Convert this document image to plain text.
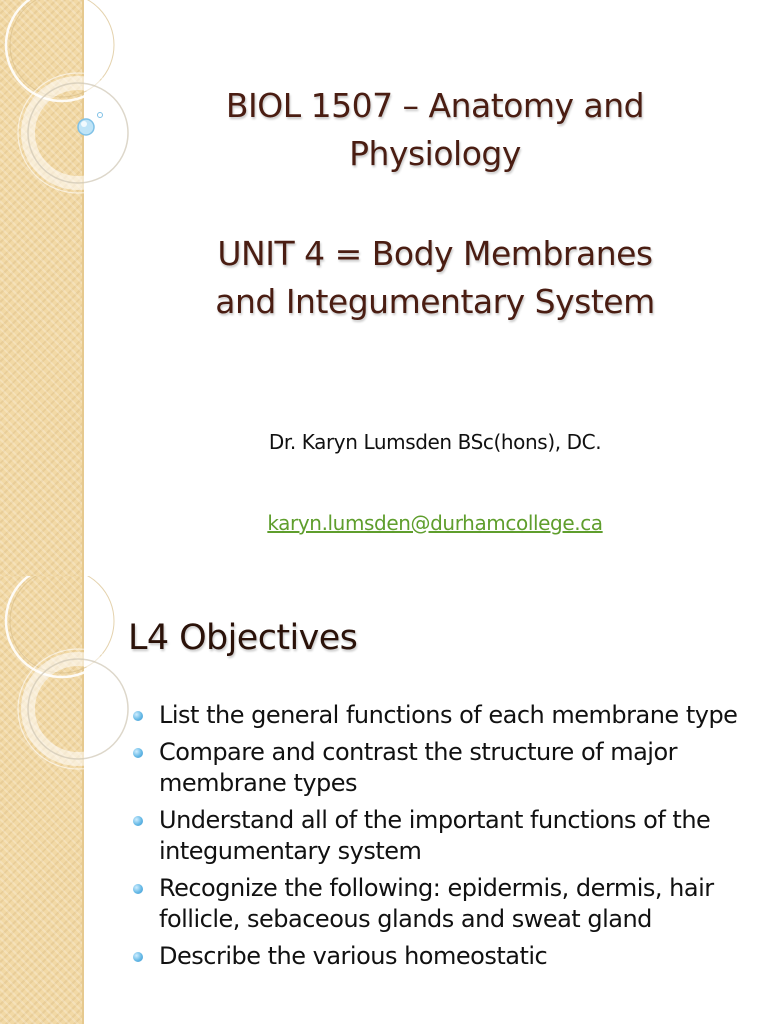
BIOL 1507 – Anatomy and
Physiology
UNIT 4 = Body Membranes
and Integumentary System
Dr. Karyn Lumsden BSc(hons), DC.
karyn.lumsden@durhamcollege.ca
L4 Objectives
List the general functions of each membrane type
Compare and contrast the structure of major membrane types
Understand all of the important functions of the integumentary system
Recognize the following: epidermis, dermis, hair follicle, sebaceous glands and sweat gland
Describe the various homeostatic
